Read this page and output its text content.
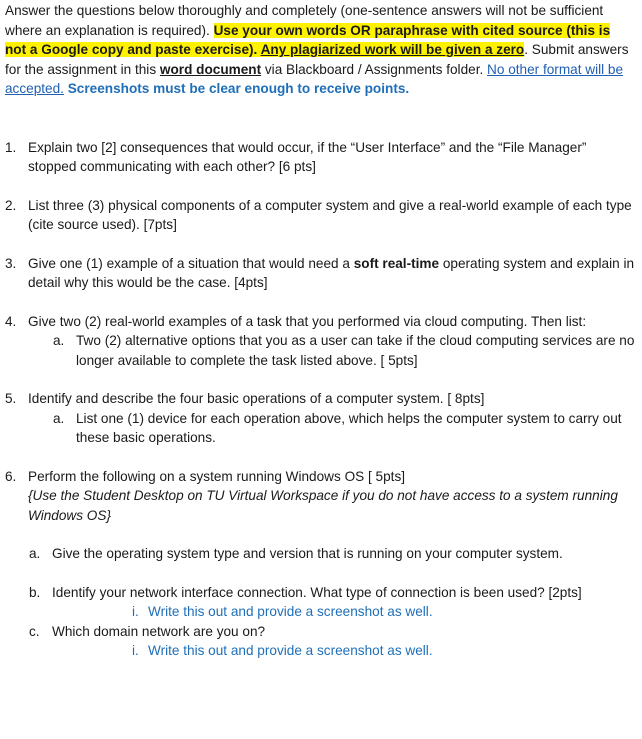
Answer the questions below thoroughly and completely (one-sentence answers will not be sufficient where an explanation is required). Use your own words OR paraphrase with cited source (this is not a Google copy and paste exercise). Any plagiarized work will be given a zero. Submit answers for the assignment in this word document via Blackboard / Assignments folder. No other format will be accepted. Screenshots must be clear enough to receive points.

1. Explain two [2] consequences that would occur, if the “User Interface” and the “File Manager” stopped communicating with each other? [6 pts]

2. List three (3) physical components of a computer system and give a real-world example of each type (cite source used). [7pts]

3. Give one (1) example of a situation that would need a soft real-time operating system and explain in detail why this would be the case. [4pts]

4. Give two (2) real-world examples of a task that you performed via cloud computing. Then list:

a. Two (2) alternative options that you as a user can take if the cloud computing services are no longer available to complete the task listed above. [ 5pts]

5. Identify and describe the four basic operations of a computer system. [ 8pts]

a. List one (1) device for each operation above, which helps the computer system to carry out these basic operations.

6. Perform the following on a system running Windows OS [ 5pts]

{Use the Student Desktop on TU Virtual Workspace if you do not have access to a system running Windows OS}

a. Give the operating system type and version that is running on your computer system.

b. Identify your network interface connection. What type of connection is been used? [2pts]

i. Write this out and provide a screenshot as well.

c. Which domain network are you on?

i. Write this out and provide a screenshot as well.
